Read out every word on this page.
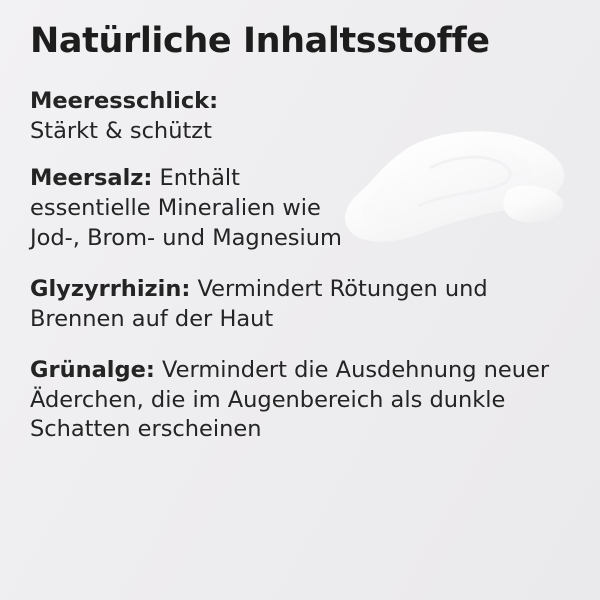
Natürliche Inhaltsstoffe

Meeresschlick:
Stärkt & schützt

Meersalz: Enthält essentielle Mineralien wie Jod-, Brom- und Magnesium

Glyzyrrhizin: Vermindert Rötungen und Brennen auf der Haut

Grünalge: Vermindert die Ausdehnung neuer Äderchen, die im Augenbereich als dunkle Schatten erscheinen
